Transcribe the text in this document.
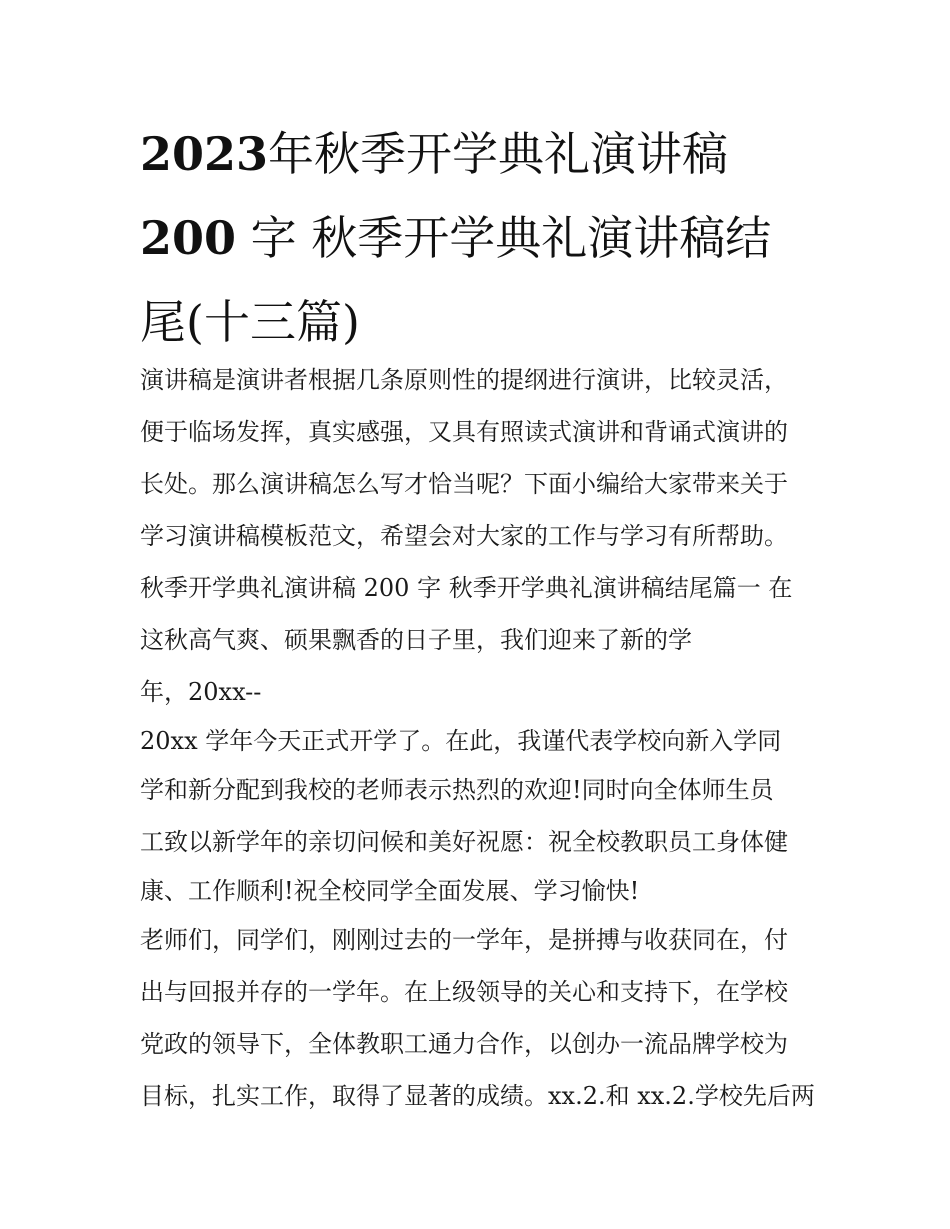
2023年秋季开学典礼演讲稿
200 字 秋季开学典礼演讲稿结
尾(十三篇)
演讲稿是演讲者根据几条原则性的提纲进行演讲，比较灵活，
便于临场发挥，真实感强，又具有照读式演讲和背诵式演讲的
长处。那么演讲稿怎么写才恰当呢？下面小编给大家带来关于
学习演讲稿模板范文，希望会对大家的工作与学习有所帮助。
秋季开学典礼演讲稿 200 字 秋季开学典礼演讲稿结尾篇一 在
这秋高气爽、硕果飘香的日子里，我们迎来了新的学
年，20xx--
20xx 学年今天正式开学了。在此，我谨代表学校向新入学同
学和新分配到我校的老师表示热烈的欢迎!同时向全体师生员
工致以新学年的亲切问候和美好祝愿：祝全校教职员工身体健
康、工作顺利!祝全校同学全面发展、学习愉快!
老师们，同学们，刚刚过去的一学年，是拼搏与收获同在，付
出与回报并存的一学年。在上级领导的关心和支持下，在学校
党政的领导下，全体教职工通力合作，以创办一流品牌学校为
目标，扎实工作，取得了显著的成绩。xx.2.和 xx.2.学校先后两
